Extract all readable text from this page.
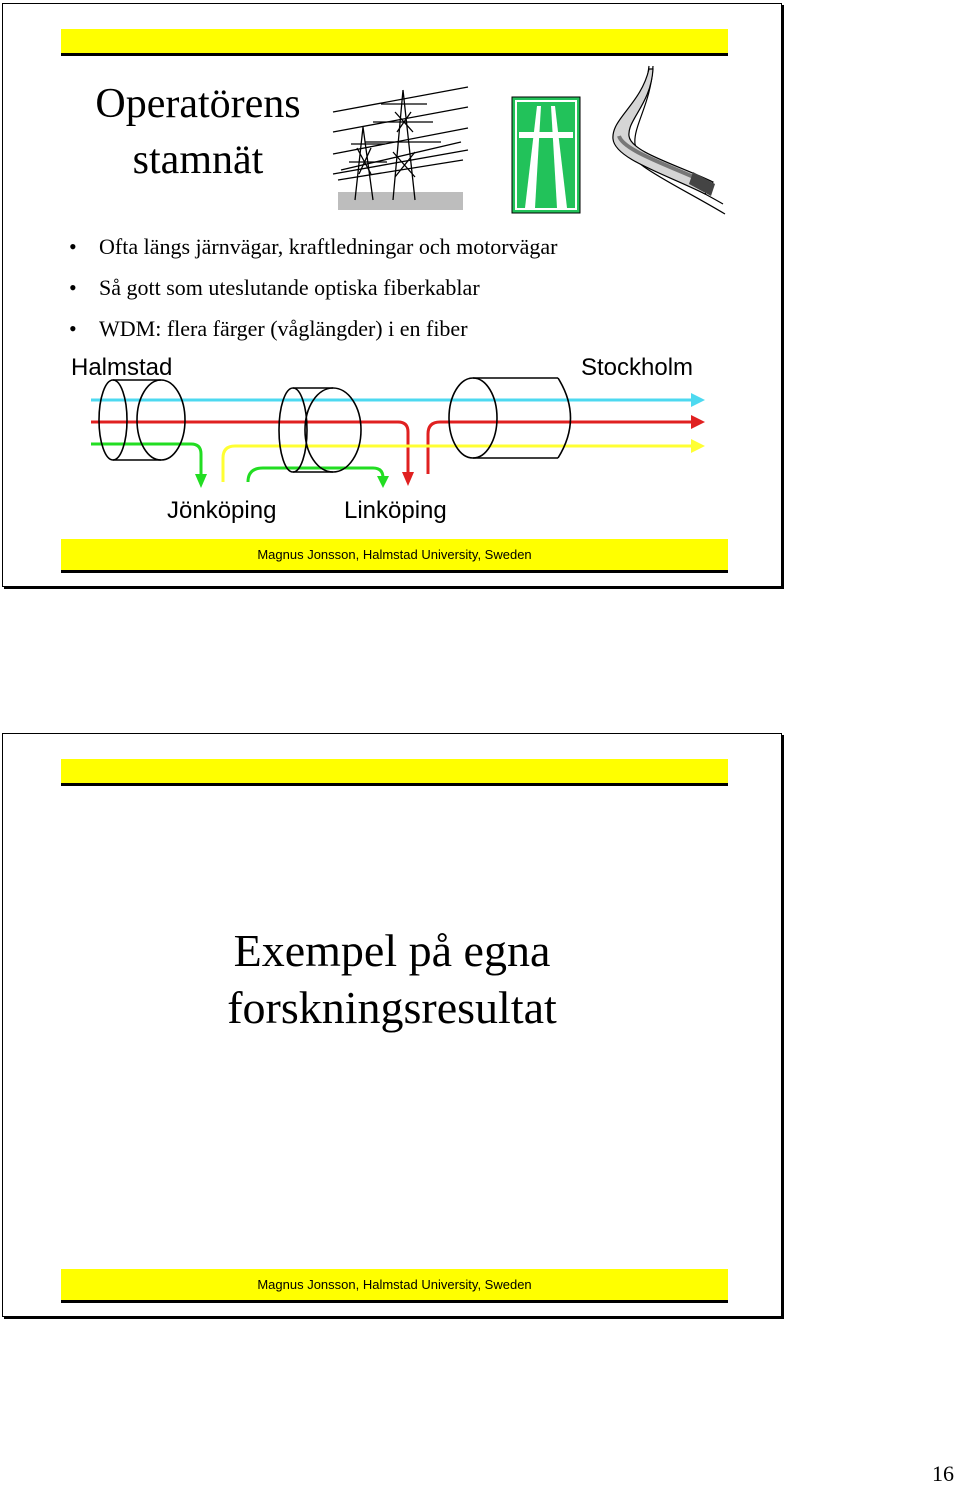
Operatörens stamnät
• Ofta längs järnvägar, kraftledningar och motorvägar
• Så gott som uteslutande optiska fiberkablar
• WDM: flera färger (våglängder) i en fiber
Halmstad	Stockholm
Jönköping	Linköping
Magnus Jonsson, Halmstad University, Sweden
Exempel på egna forskningsresultat
Magnus Jonsson, Halmstad University, Sweden
16
